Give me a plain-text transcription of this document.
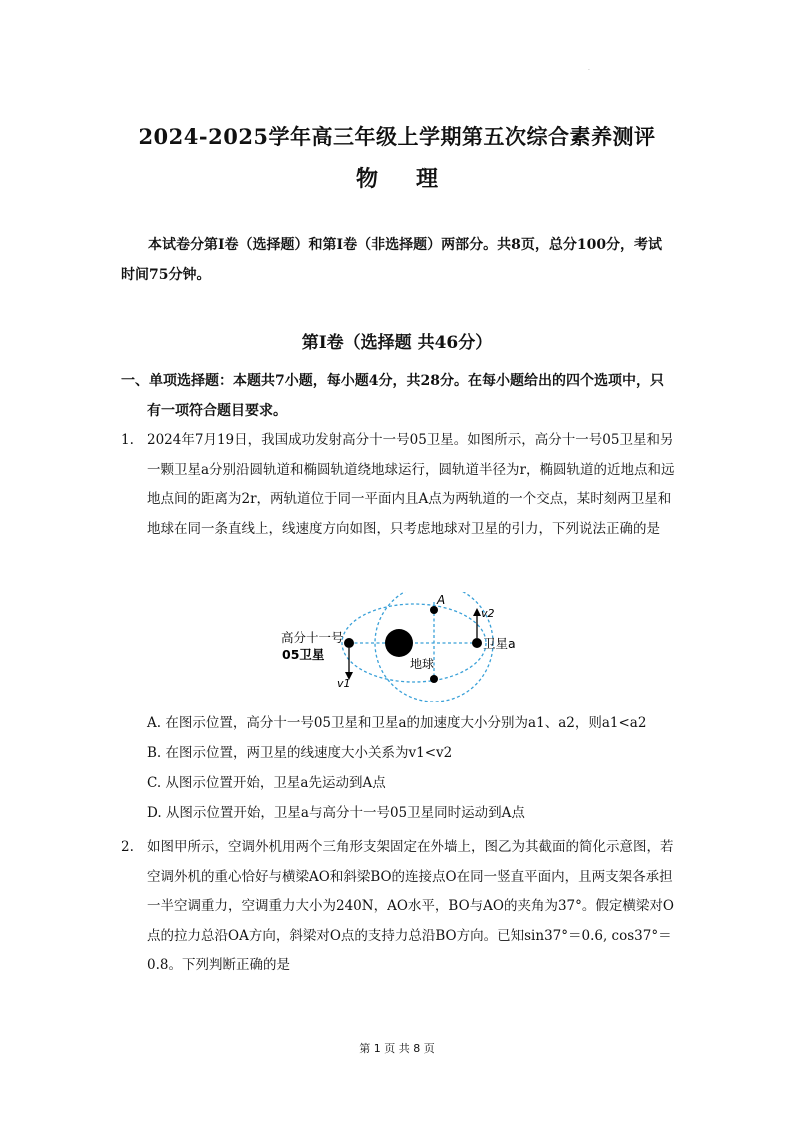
·
2024-2025学年高三年级上学期第五次综合素养测评
物理
本试卷分第Ⅰ卷（选择题）和第Ⅰ卷（非选择题）两部分。共8页，总分100分，考试时间75分钟。
第Ⅰ卷（选择题 共46分）
一、单项选择题：本题共7小题，每小题4分，共28分。在每小题给出的四个选项中，只
有一项符合题目要求。
1. 2024年7月19日，我国成功发射高分十一号05卫星。如图所示，高分十一号05卫星和另一颗卫星a分别沿圆轨道和椭圆轨道绕地球运行，圆轨道半径为r，椭圆轨道的近地点和远地点间的距离为2r，两轨道位于同一平面内且A点为两轨道的一个交点，某时刻两卫星和地球在同一条直线上，线速度方向如图，只考虑地球对卫星的引力，下列说法正确的是
高分十一号
05卫星
v1
v2
A
地球
卫星a
A. 在图示位置，高分十一号05卫星和卫星a的加速度大小分别为a1、a2，则a1<a2
B. 在图示位置，两卫星的线速度大小关系为v1<v2
C. 从图示位置开始，卫星a先运动到A点
D. 从图示位置开始，卫星a与高分十一号05卫星同时运动到A点
2. 如图甲所示，空调外机用两个三角形支架固定在外墙上，图乙为其截面的简化示意图，若空调外机的重心恰好与横梁AO和斜梁BO的连接点O在同一竖直平面内，且两支架各承担一半空调重力，空调重力大小为240N，AO水平，BO与AO的夹角为37°。假定横梁对O点的拉力总沿OA方向，斜梁对O点的支持力总沿BO方向。已知sin37°＝0.6, cos37°＝0.8。下列判断正确的是
第 1 页 共 8 页
